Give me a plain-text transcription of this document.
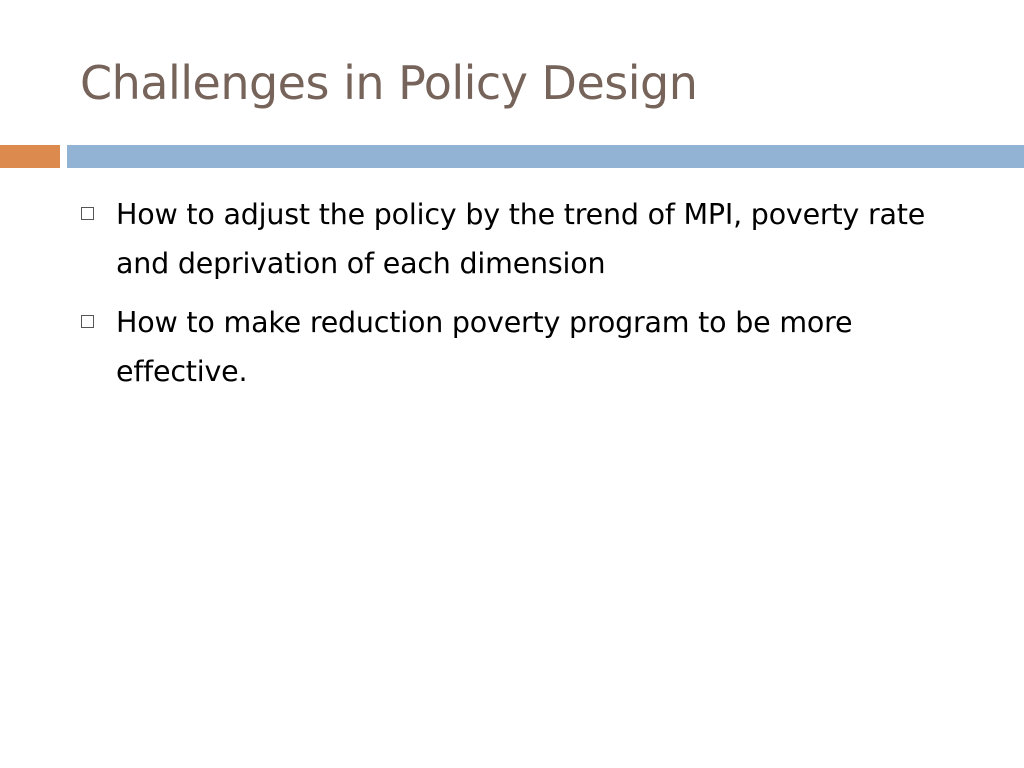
Challenges in Policy Design
How to adjust the policy by the trend of MPI, poverty rate and deprivation of each dimension
How to make reduction poverty program to be more effective.
